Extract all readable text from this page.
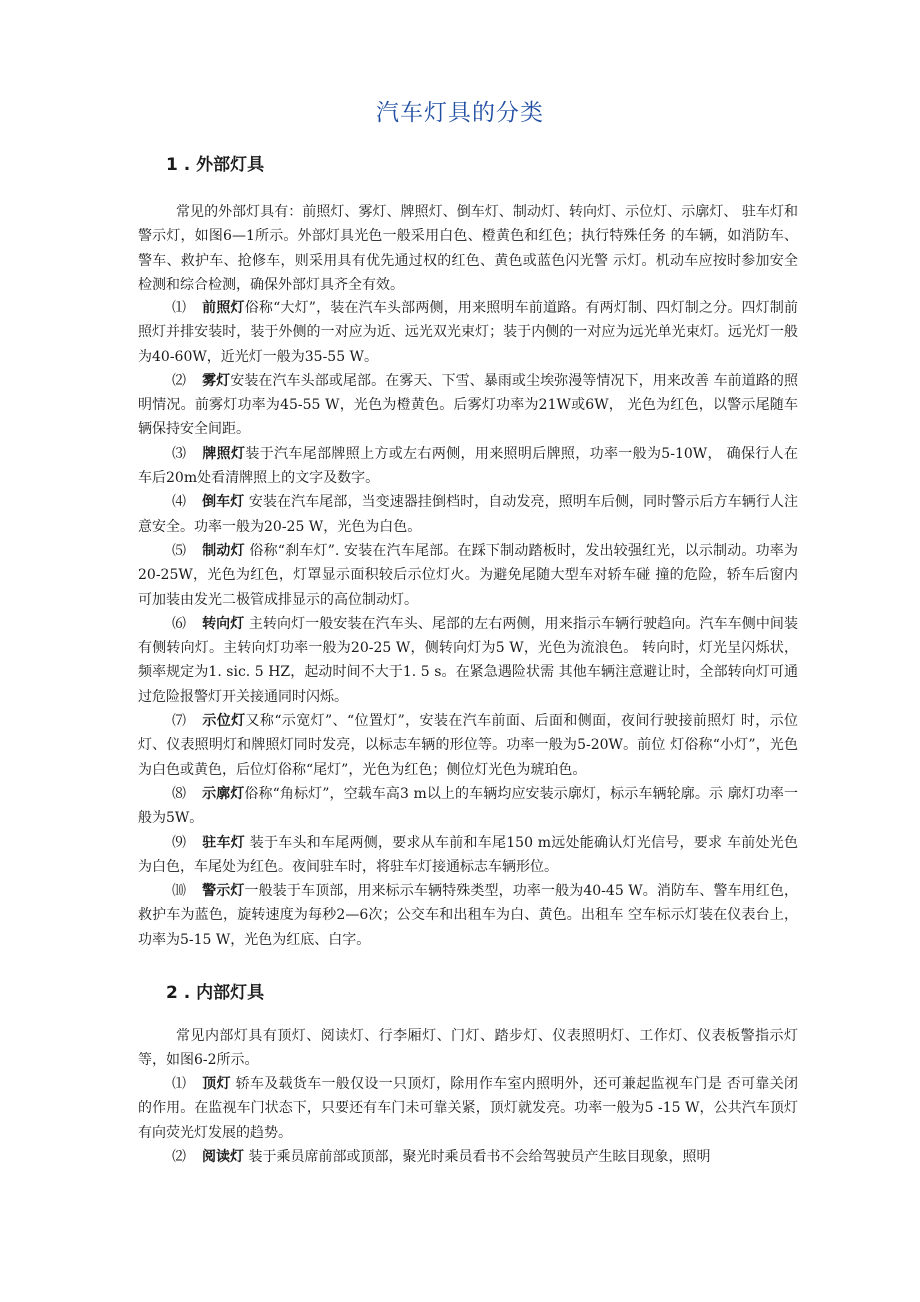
汽车灯具的分类
1 . 外部灯具
常见的外部灯具有：前照灯、雾灯、牌照灯、倒车灯、制动灯、转向灯、示位灯、示廓灯、 驻车灯和警示灯，如图6—1所示。外部灯具光色一般采用白色、橙黄色和红色；执行特殊任务 的车辆，如消防车、警车、救护车、抢修车，则采用具有优先通过权的红色、黄色或蓝色闪光警 示灯。机动车应按时参加安全检测和综合检测，确保外部灯具齐全有效。
⑴ 前照灯俗称“大灯”，装在汽车头部两侧，用来照明车前道路。有两灯制、四灯制之分。四灯制前照灯并排安装时，装于外侧的一对应为近、远光双光束灯；装于内侧的一对应为远光单光束灯。远光灯一般为40-60W，近光灯一般为35-55 W。
⑵ 雾灯安装在汽车头部或尾部。在雾天、下雪、暴雨或尘埃弥漫等情况下，用来改善 车前道路的照明情况。前雾灯功率为45-55 W，光色为橙黄色。后雾灯功率为21W或6W， 光色为红色，以警示尾随车辆保持安全间距。
⑶ 牌照灯装于汽车尾部牌照上方或左右两侧，用来照明后牌照，功率一般为5-10W， 确保行人在车后20m处看清牌照上的文字及数字。
⑷ 倒车灯 安装在汽车尾部，当变速器挂倒档时，自动发亮，照明车后侧，同时警示后方车辆行人注意安全。功率一般为20-25 W，光色为白色。
⑸ 制动灯 俗称“刹车灯”. 安装在汽车尾部。在踩下制动踏板时，发出较强红光，以示制动。功率为20-25W，光色为红色，灯罩显示面积较后示位灯火。为避免尾随大型车对轿车碰 撞的危险，轿车后窗内可加装由发光二极管成排显示的高位制动灯。
⑹ 转向灯 主转向灯一般安装在汽车头、尾部的左右两侧，用来指示车辆行驶趋向。汽车车侧中间装有侧转向灯。主转向灯功率一般为20-25 W，侧转向灯为5 W，光色为流浪色。 转向时，灯光呈闪烁状，频率规定为1. sic. 5 HZ，起动时间不大于1. 5 s。在紧急遇险状需 其他车辆注意避让时，全部转向灯可通过危险报警灯开关接通同时闪烁。
⑺ 示位灯又称“示宽灯”、“位置灯”，安装在汽车前面、后面和侧面，夜间行驶接前照灯 时，示位灯、仪表照明灯和牌照灯同时发亮，以标志车辆的形位等。功率一般为5-20W。前位 灯俗称“小灯”，光色为白色或黄色，后位灯俗称“尾灯”，光色为红色；侧位灯光色为琥珀色。
⑻ 示廓灯俗称“角标灯”，空载车高3 m以上的车辆均应安装示廓灯，标示车辆轮廓。示 廓灯功率一般为5W。
⑼ 驻车灯 装于车头和车尾两侧，要求从车前和车尾150 m远处能确认灯光信号，要求 车前处光色为白色，车尾处为红色。夜间驻车时，将驻车灯接通标志车辆形位。
⑽ 警示灯一般装于车顶部，用来标示车辆特殊类型，功率一般为40-45 W。消防车、警车用红色，救护车为蓝色，旋转速度为每秒2—6次；公交车和出租车为白、黄色。出租车 空车标示灯装在仪表台上，功率为5-15 W，光色为红底、白字。
2 . 内部灯具
常见内部灯具有顶灯、阅读灯、行李厢灯、门灯、踏步灯、仪表照明灯、工作灯、仪表板警指示灯等，如图6-2所示。
⑴ 顶灯 轿车及载货车一般仅设一只顶灯，除用作车室内照明外，还可兼起监视车门是 否可靠关闭的作用。在监视车门状态下，只要还有车门未可靠关紧，顶灯就发亮。功率一般为5 -15 W，公共汽车顶灯有向荧光灯发展的趋势。
⑵ 阅读灯 装于乘员席前部或顶部，聚光时乘员看书不会给驾驶员产生眩目现象，照明
